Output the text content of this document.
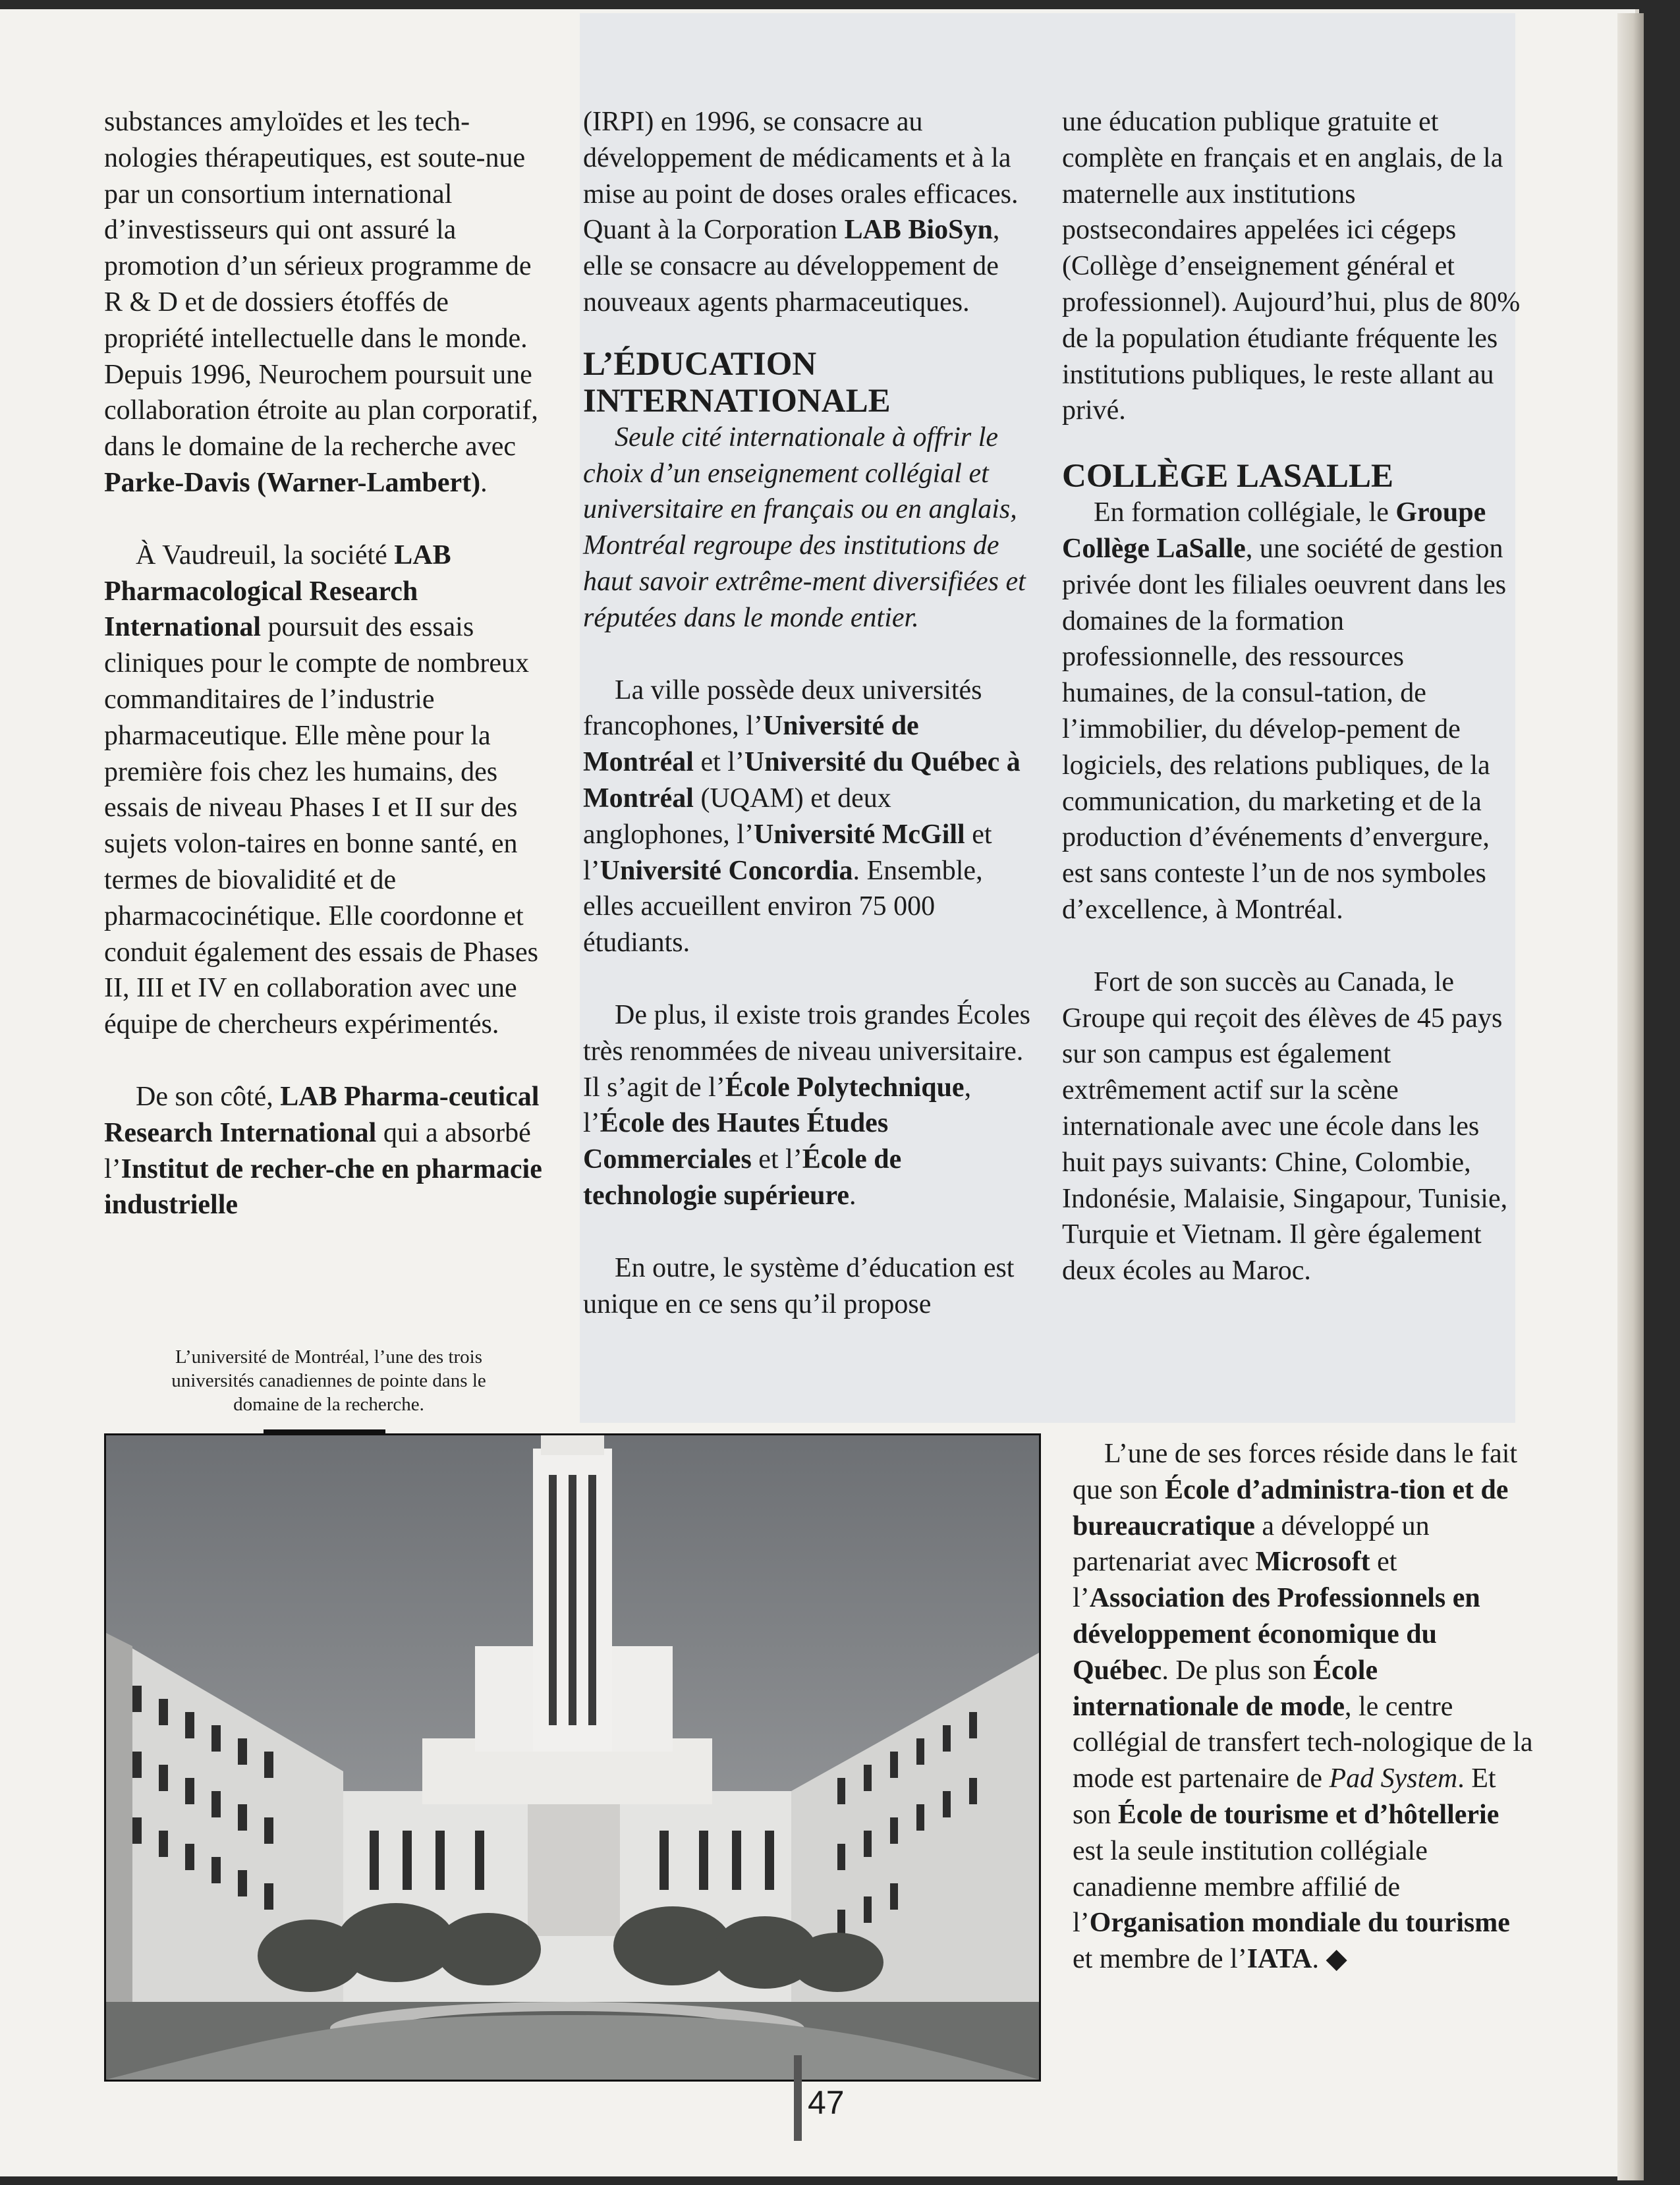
substances amyloïdes et les tech-nologies thérapeutiques, est soute-nue par un consortium international d’investisseurs qui ont assuré la promotion d’un sérieux programme de R & D et de dossiers étoffés de propriété intellectuelle dans le monde. Depuis 1996, Neurochem poursuit une collaboration étroite au plan corporatif, dans le domaine de la recherche avec Parke-Davis (Warner-Lambert).

À Vaudreuil, la société LAB Pharmacological Research International poursuit des essais cliniques pour le compte de nombreux commanditaires de l’industrie pharmaceutique. Elle mène pour la première fois chez les humains, des essais de niveau Phases I et II sur des sujets volon-taires en bonne santé, en termes de biovalidité et de pharmacocinétique. Elle coordonne et conduit également des essais de Phases II, III et IV en collaboration avec une équipe de chercheurs expérimentés.

De son côté, LAB Pharma-ceutical Research International qui a absorbé l’Institut de recher-che en pharmacie industrielle

L’université de Montréal, l’une des trois universités canadiennes de pointe dans le domaine de la recherche.

(IRPI) en 1996, se consacre au développement de médicaments et à la mise au point de doses orales efficaces. Quant à la Corporation LAB BioSyn, elle se consacre au développement de nouveaux agents pharmaceutiques.

L’ÉDUCATION INTERNATIONALE

Seule cité internationale à offrir le choix d’un enseignement collégial et universitaire en français ou en anglais, Montréal regroupe des institutions de haut savoir extrême-ment diversifiées et réputées dans le monde entier.

La ville possède deux universités francophones, l’Université de Montréal et l’Université du Québec à Montréal (UQAM) et deux anglophones, l’Université McGill et l’Université Concordia. Ensemble, elles accueillent environ 75 000 étudiants.

De plus, il existe trois grandes Écoles très renommées de niveau universitaire. Il s’agit de l’École Polytechnique, l’École des Hautes Études Commerciales et l’École de technologie supérieure.

En outre, le système d’éducation est unique en ce sens qu’il propose

une éducation publique gratuite et complète en français et en anglais, de la maternelle aux institutions postsecondaires appelées ici cégeps (Collège d’enseignement général et professionnel). Aujourd’hui, plus de 80% de la population étudiante fréquente les institutions publiques, le reste allant au privé.

COLLÈGE LASALLE

En formation collégiale, le Groupe Collège LaSalle, une société de gestion privée dont les filiales oeuvrent dans les domaines de la formation professionnelle, des ressources humaines, de la consul-tation, de l’immobilier, du dévelop-pement de logiciels, des relations publiques, de la communication, du marketing et de la production d’événements d’envergure, est sans conteste l’un de nos symboles d’excellence, à Montréal.

Fort de son succès au Canada, le Groupe qui reçoit des élèves de 45 pays sur son campus est également extrêmement actif sur la scène internationale avec une école dans les huit pays suivants: Chine, Colombie, Indonésie, Malaisie, Singapour, Tunisie, Turquie et Vietnam. Il gère également deux écoles au Maroc.

L’une de ses forces réside dans le fait que son École d’administra-tion et de bureaucratique a développé un partenariat avec Microsoft et l’Association des Professionnels en développement économique du Québec. De plus son École internationale de mode, le centre collégial de transfert tech-nologique de la mode est partenaire de Pad System. Et son École de tourisme et d’hôtellerie est la seule institution collégiale canadienne membre affilié de l’Organisation mondiale du tourisme et membre de l’IATA. ◆

47
